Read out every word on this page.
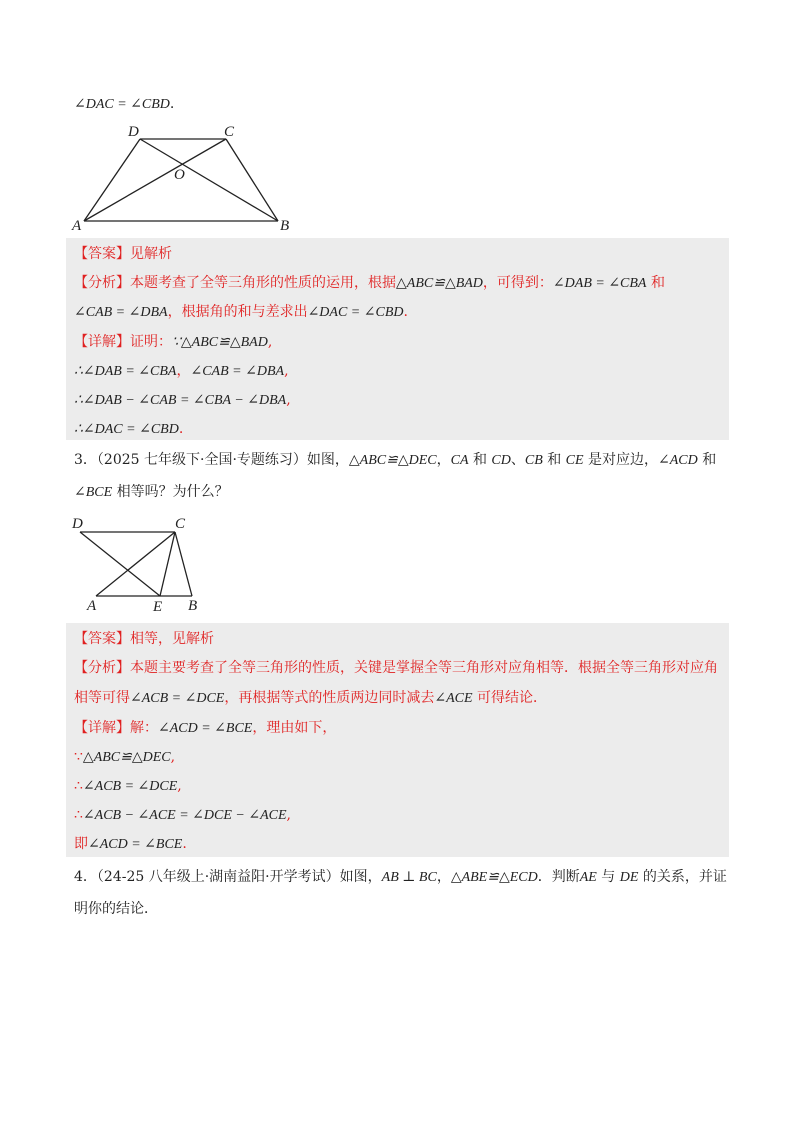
∠DAC = ∠CBD.
D	C
O
A	B
【答案】见解析
【分析】本题考查了全等三角形的性质的运用，根据△ABC≌△BAD，可得到：∠DAB = ∠CBA 和
∠CAB = ∠DBA，根据角的和与差求出∠DAC = ∠CBD.
【详解】证明：∵△ABC≌△BAD,
∴∠DAB = ∠CBA，∠CAB = ∠DBA,
∴∠DAB − ∠CAB = ∠CBA − ∠DBA,
∴∠DAC = ∠CBD.
3．（2025 七年级下·全国·专题练习）如图，△ABC≌△DEC，CA 和 CD、CB 和 CE 是对应边，∠ACD 和
∠BCE 相等吗？为什么？
D	C
A	E B
【答案】相等，见解析
【分析】本题主要考查了全等三角形的性质，关键是掌握全等三角形对应角相等．根据全等三角形对应角
相等可得∠ACB = ∠DCE，再根据等式的性质两边同时减去∠ACE 可得结论．
【详解】解：∠ACD = ∠BCE，理由如下，
∵△ABC≌△DEC,
∴∠ACB = ∠DCE,
∴∠ACB − ∠ACE = ∠DCE − ∠ACE,
即∠ACD = ∠BCE.
4．（24-25 八年级上·湖南益阳·开学考试）如图，AB ⊥ BC，△ABE≌△ECD．判断AE 与 DE 的关系，并证
明你的结论．
